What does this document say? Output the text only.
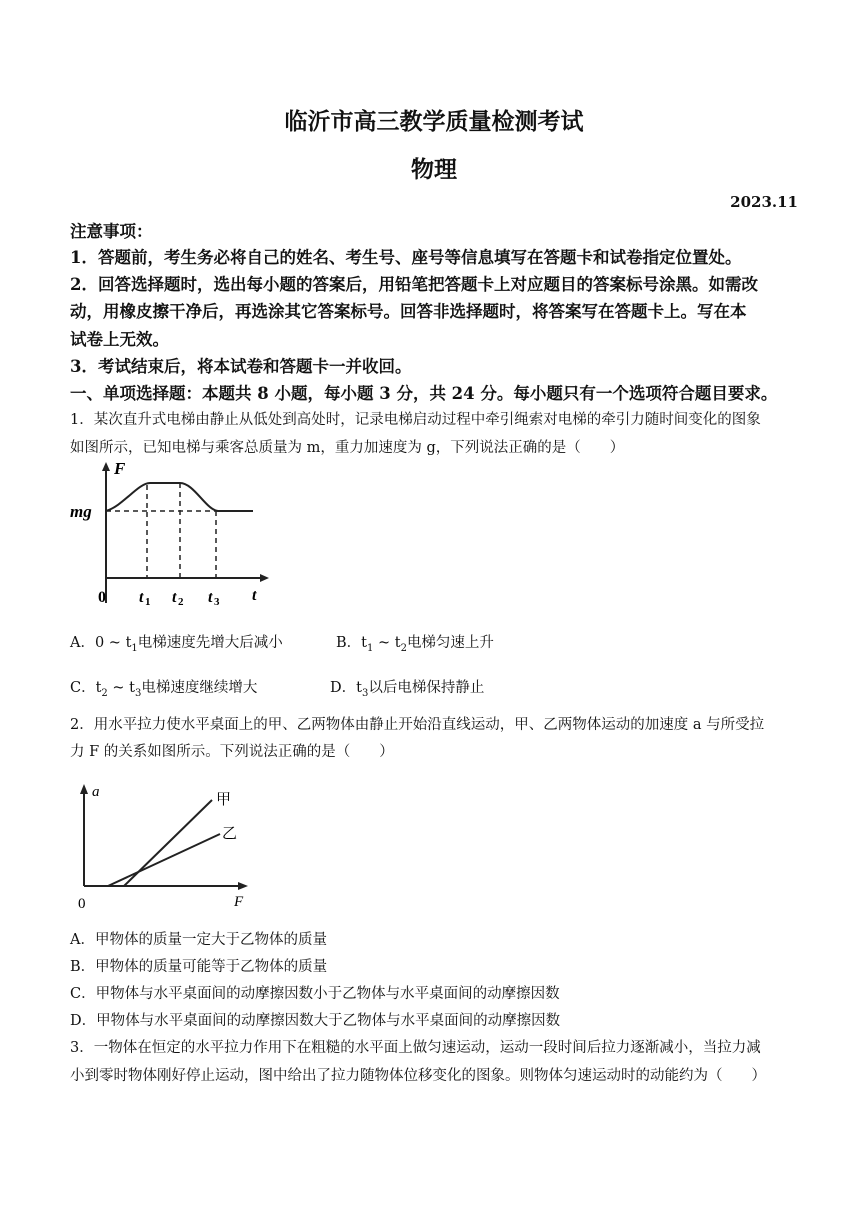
临沂市高三教学质量检测考试
物理
2023.11
注意事项：
1．答题前，考生务必将自己的姓名、考生号、座号等信息填写在答题卡和试卷指定位置处。
2．回答选择题时，选出每小题的答案后，用铅笔把答题卡上对应题目的答案标号涂黑。如需改
动，用橡皮擦干净后，再选涂其它答案标号。回答非选择题时，将答案写在答题卡上。写在本
试卷上无效。
3．考试结束后，将本试卷和答题卡一并收回。
一、单项选择题：本题共 8 小题，每小题 3 分，共 24 分。每小题只有一个选项符合题目要求。
1．某次直升式电梯由静止从低处到高处时，记录电梯启动过程中牵引绳索对电梯的牵引力随时间变化的图象
如图所示，已知电梯与乘客总质量为 m，重力加速度为 g，下列说法正确的是（　　）
F
mg
0 t 1 t 2 t 3 t
A．0 ~ $t_1$电梯速度先增大后减小	B．$t_1$ ~ $t_2$电梯匀速上升
C．$t_2$ ~ $t_3$电梯速度继续增大	D．$t_3$以后电梯保持静止
2．用水平拉力使水平桌面上的甲、乙两物体由静止开始沿直线运动，甲、乙两物体运动的加速度 a 与所受拉
力 F 的关系如图所示。下列说法正确的是（　　）
a	甲
乙
0	F
A．甲物体的质量一定大于乙物体的质量
B．甲物体的质量可能等于乙物体的质量
C．甲物体与水平桌面间的动摩擦因数小于乙物体与水平桌面间的动摩擦因数
D．甲物体与水平桌面间的动摩擦因数大于乙物体与水平桌面间的动摩擦因数
3．一物体在恒定的水平拉力作用下在粗糙的水平面上做匀速运动，运动一段时间后拉力逐渐减小，当拉力减
小到零时物体刚好停止运动，图中给出了拉力随物体位移变化的图象。则物体匀速运动时的动能约为（　　）
